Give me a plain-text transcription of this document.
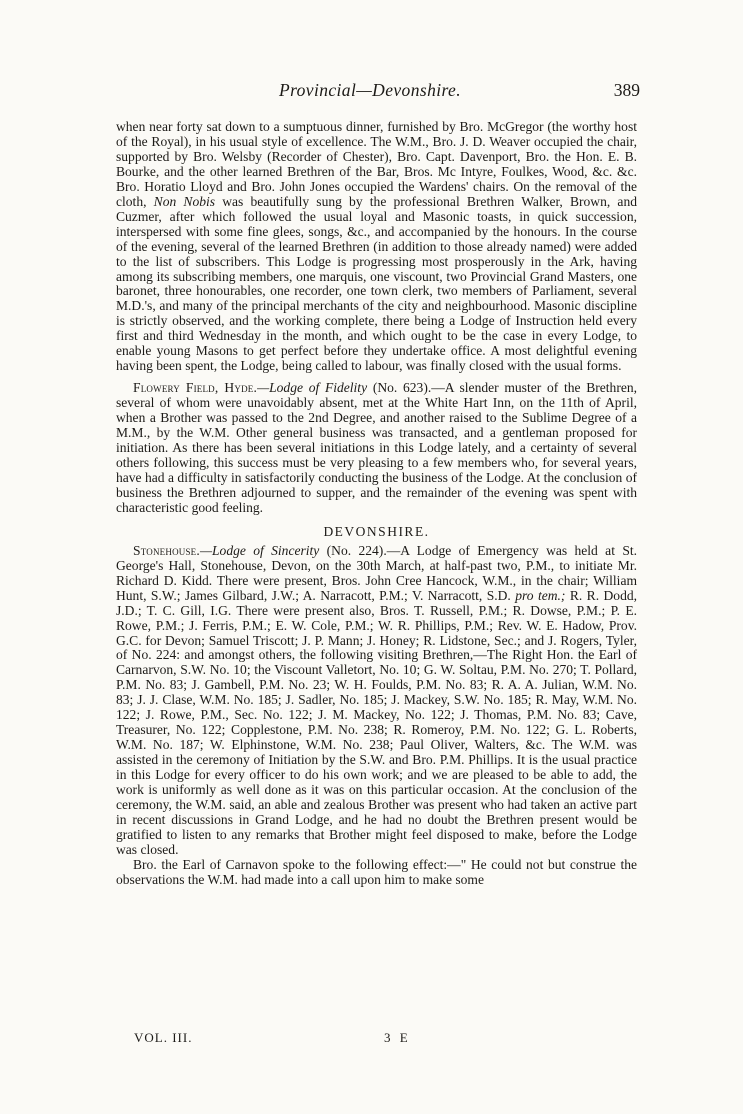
Provincial—Devonshire.	389

when near forty sat down to a sumptuous dinner, furnished by Bro. McGregor (the worthy host of the Royal), in his usual style of excellence. The W.M., Bro. J. D. Weaver occupied the chair, supported by Bro. Welsby (Recorder of Chester), Bro. Capt. Davenport, Bro. the Hon. E. B. Bourke, and the other learned Brethren of the Bar, Bros. Mc Intyre, Foulkes, Wood, &c. &c. Bro. Horatio Lloyd and Bro. John Jones occupied the Wardens' chairs. On the removal of the cloth, Non Nobis was beautifully sung by the professional Brethren Walker, Brown, and Cuzmer, after which followed the usual loyal and Masonic toasts, in quick succession, interspersed with some fine glees, songs, &c., and accompanied by the honours. In the course of the evening, several of the learned Brethren (in addition to those already named) were added to the list of subscribers. This Lodge is progressing most prosperously in the Ark, having among its subscribing members, one marquis, one viscount, two Provincial Grand Masters, one baronet, three honourables, one recorder, one town clerk, two members of Parliament, several M.D.'s, and many of the principal merchants of the city and neighbourhood. Masonic discipline is strictly observed, and the working complete, there being a Lodge of Instruction held every first and third Wednesday in the month, and which ought to be the case in every Lodge, to enable young Masons to get perfect before they undertake office. A most delightful evening having been spent, the Lodge, being called to labour, was finally closed with the usual forms.

Flowery Field, Hyde.—Lodge of Fidelity (No. 623).—A slender muster of the Brethren, several of whom were unavoidably absent, met at the White Hart Inn, on the 11th of April, when a Brother was passed to the 2nd Degree, and another raised to the Sublime Degree of a M.M., by the W.M. Other general business was transacted, and a gentleman proposed for initiation. As there has been several initiations in this Lodge lately, and a certainty of several others following, this success must be very pleasing to a few members who, for several years, have had a difficulty in satisfactorily conducting the business of the Lodge. At the conclusion of business the Brethren adjourned to supper, and the remainder of the evening was spent with characteristic good feeling.

DEVONSHIRE.

Stonehouse.—Lodge of Sincerity (No. 224).—A Lodge of Emergency was held at St. George's Hall, Stonehouse, Devon, on the 30th March, at half-past two, P.M., to initiate Mr. Richard D. Kidd. There were present, Bros. John Cree Hancock, W.M., in the chair; William Hunt, S.W.; James Gilbard, J.W.; A. Narracott, P.M.; V. Narracott, S.D. pro tem.; R. R. Dodd, J.D.; T. C. Gill, I.G. There were present also, Bros. T. Russell, P.M.; R. Dowse, P.M.; P. E. Rowe, P.M.; J. Ferris, P.M.; E. W. Cole, P.M.; W. R. Phillips, P.M.; Rev. W. E. Hadow, Prov. G.C. for Devon; Samuel Triscott; J. P. Mann; J. Honey; R. Lidstone, Sec.; and J. Rogers, Tyler, of No. 224: and amongst others, the following visiting Brethren,—The Right Hon. the Earl of Carnarvon, S.W. No. 10; the Viscount Valletort, No. 10; G. W. Soltau, P.M. No. 270; T. Pollard, P.M. No. 83; J. Gambell, P.M. No. 23; W. H. Foulds, P.M. No. 83; R. A. A. Julian, W.M. No. 83; J. J. Clase, W.M. No. 185; J. Sadler, No. 185; J. Mackey, S.W. No. 185; R. May, W.M. No. 122; J. Rowe, P.M., Sec. No. 122; J. M. Mackey, No. 122; J. Thomas, P.M. No. 83; Cave, Treasurer, No. 122; Copplestone, P.M. No. 238; R. Romeroy, P.M. No. 122; G. L. Roberts, W.M. No. 187; W. Elphinstone, W.M. No. 238; Paul Oliver, Walters, &c. The W.M. was assisted in the ceremony of Initiation by the S.W. and Bro. P.M. Phillips. It is the usual practice in this Lodge for every officer to do his own work; and we are pleased to be able to add, the work is uniformly as well done as it was on this particular occasion. At the conclusion of the ceremony, the W.M. said, an able and zealous Brother was present who had taken an active part in recent discussions in Grand Lodge, and he had no doubt the Brethren present would be gratified to listen to any remarks that Brother might feel disposed to make, before the Lodge was closed.

Bro. the Earl of Carnavon spoke to the following effect:—" He could not but construe the observations the W.M. had made into a call upon him to make some

VOL. III.	3 E
